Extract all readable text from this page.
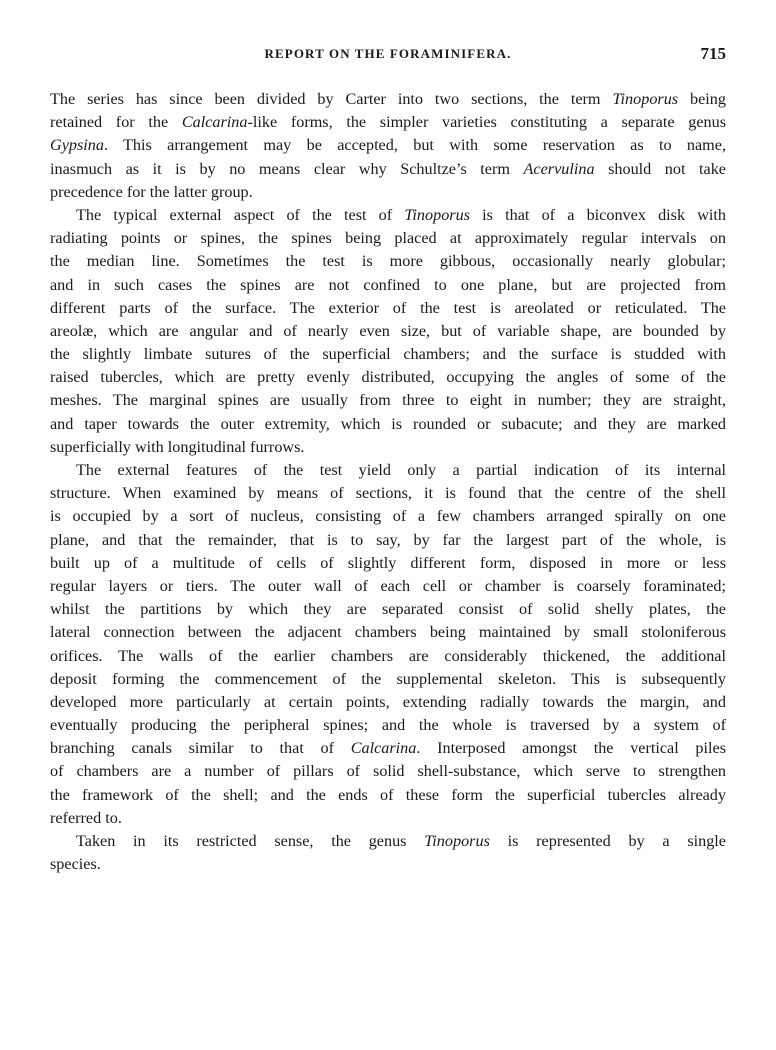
REPORT ON THE FORAMINIFERA.	715

The series has since been divided by Carter into two sections, the term Tinoporus being
retained for the Calcarina-like forms, the simpler varieties constituting a separate genus
Gypsina. This arrangement may be accepted, but with some reservation as to name,
inasmuch as it is by no means clear why Schultze’s term Acervulina should not take
precedence for the latter group.

The typical external aspect of the test of Tinoporus is that of a biconvex disk with
radiating points or spines, the spines being placed at approximately regular intervals on
the median line. Sometimes the test is more gibbous, occasionally nearly globular;
and in such cases the spines are not confined to one plane, but are projected from
different parts of the surface. The exterior of the test is areolated or reticulated. The
areolæ, which are angular and of nearly even size, but of variable shape, are bounded by
the slightly limbate sutures of the superficial chambers; and the surface is studded with
raised tubercles, which are pretty evenly distributed, occupying the angles of some of the
meshes. The marginal spines are usually from three to eight in number; they are straight,
and taper towards the outer extremity, which is rounded or subacute; and they are marked
superficially with longitudinal furrows.

The external features of the test yield only a partial indication of its internal
structure. When examined by means of sections, it is found that the centre of the shell
is occupied by a sort of nucleus, consisting of a few chambers arranged spirally on one
plane, and that the remainder, that is to say, by far the largest part of the whole, is
built up of a multitude of cells of slightly different form, disposed in more or less
regular layers or tiers. The outer wall of each cell or chamber is coarsely foraminated;
whilst the partitions by which they are separated consist of solid shelly plates, the
lateral connection between the adjacent chambers being maintained by small stoloniferous
orifices. The walls of the earlier chambers are considerably thickened, the additional
deposit forming the commencement of the supplemental skeleton. This is subsequently
developed more particularly at certain points, extending radially towards the margin, and
eventually producing the peripheral spines; and the whole is traversed by a system of
branching canals similar to that of Calcarina. Interposed amongst the vertical piles
of chambers are a number of pillars of solid shell-substance, which serve to strengthen
the framework of the shell; and the ends of these form the superficial tubercles already
referred to.

Taken in its restricted sense, the genus Tinoporus is represented by a single
species.
